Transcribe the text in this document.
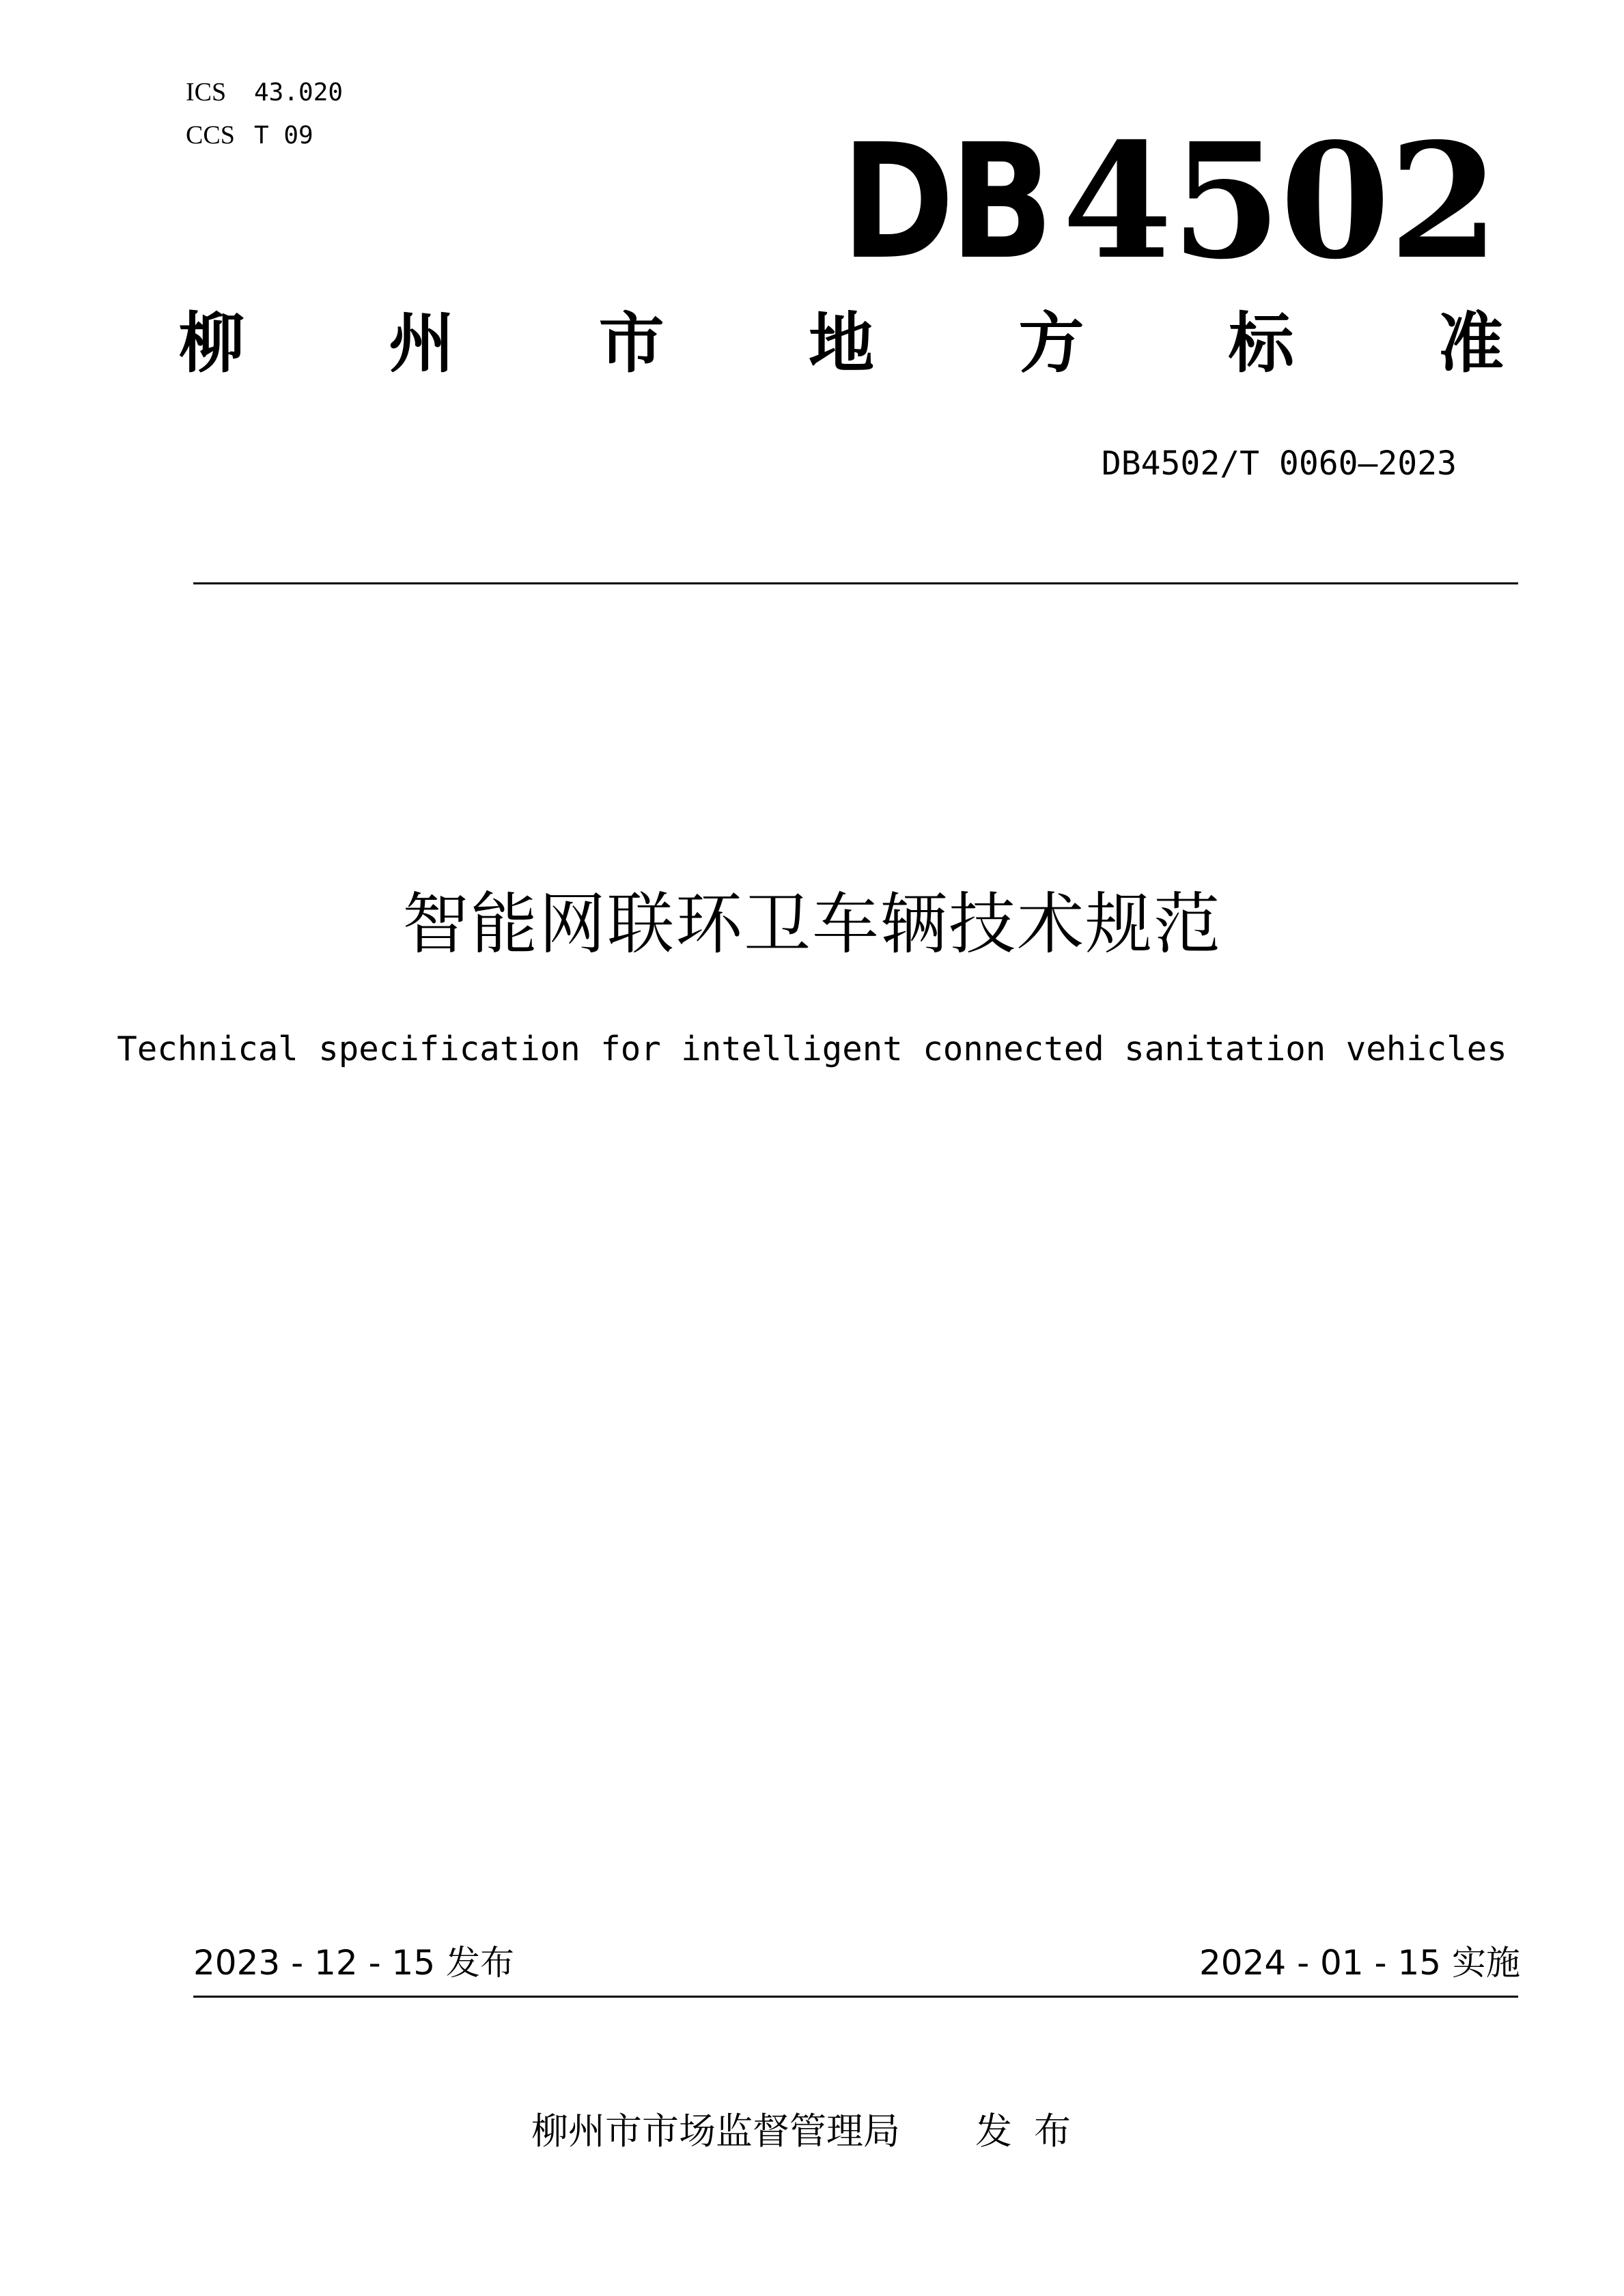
ICS 43.020
CCS T 09	DB4502
柳 州 市 地 方 标 准
DB4502/T 0060—2023
智能网联环卫车辆技术规范
Technical specification for intelligent connected sanitation vehicles
2023 - 12 - 15 发布	2024 - 01 - 15 实施
柳州市市场监督管理局 发布
